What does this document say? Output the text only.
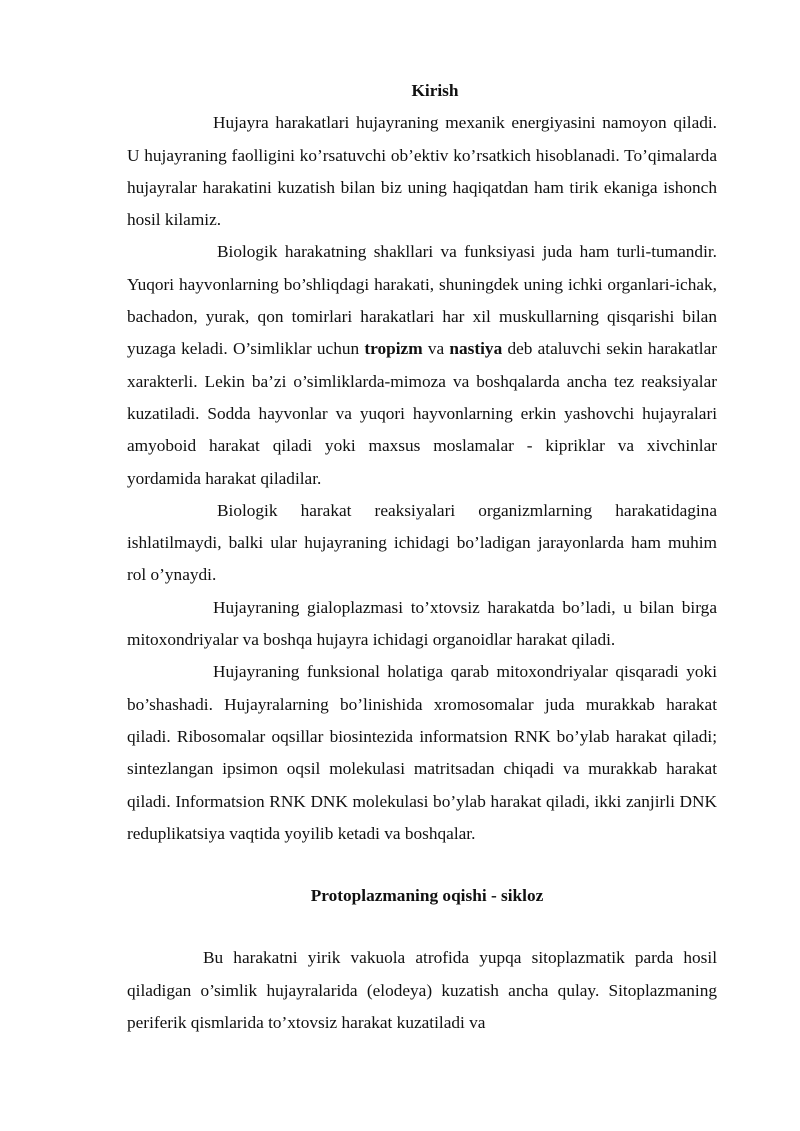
Kirish

Hujayra harakatlari hujayraning mexanik energiyasini namoyon qiladi. U hujayraning faolligini ko’rsatuvchi ob’ektiv ko’rsatkich hisoblanadi. To’qimalarda hujayralar harakatini kuzatish bilan biz uning haqiqatdan ham tirik ekaniga ishonch hosil kilamiz.

Biologik harakatning shakllari va funksiyasi juda ham turli-tumandir. Yuqori hayvonlarning bo’shliqdagi harakati, shuningdek uning ichki organlari-ichak, bachadon, yurak, qon tomirlari harakatlari har xil muskullarning qisqarishi bilan yuzaga keladi. O’simliklar uchun tropizm va nastiya deb ataluvchi sekin harakatlar xarakterli. Lekin ba’zi o’simliklarda-mimoza va boshqalarda ancha tez reaksiyalar kuzatiladi. Sodda hayvonlar va yuqori hayvonlarning erkin yashovchi hujayralari amyoboid harakat qiladi yoki maxsus moslamalar - kipriklar va xivchinlar yordamida harakat qiladilar.

Biologik harakat reaksiyalari organizmlarning harakatidagina ishlatilmaydi, balki ular hujayraning ichidagi bo’ladigan jarayonlarda ham muhim rol o’ynaydi.

Hujayraning gialoplazmasi to’xtovsiz harakatda bo’ladi, u bilan birga mitoxondriyalar va boshqa hujayra ichidagi organoidlar harakat qiladi.

Hujayraning funksional holatiga qarab mitoxondriyalar qisqaradi yoki bo’shashadi. Hujayralarning bo’linishida xromosomalar juda murakkab harakat qiladi. Ribosomalar oqsillar biosintezida informatsion RNK bo’ylab harakat qiladi; sintezlangan ipsimon oqsil molekulasi matritsadan chiqadi va murakkab harakat qiladi. Informatsion RNK DNK molekulasi bo’ylab harakat qiladi, ikki zanjirli DNK reduplikatsiya vaqtida yoyilib ketadi va boshqalar.

Protoplazmaning oqishi - sikloz

Bu harakatni yirik vakuola atrofida yupqa sitoplazmatik parda hosil qiladigan o’simlik hujayralarida (elodeya) kuzatish ancha qulay. Sitoplazmaning periferik qismlarida to’xtovsiz harakat kuzatiladi va
